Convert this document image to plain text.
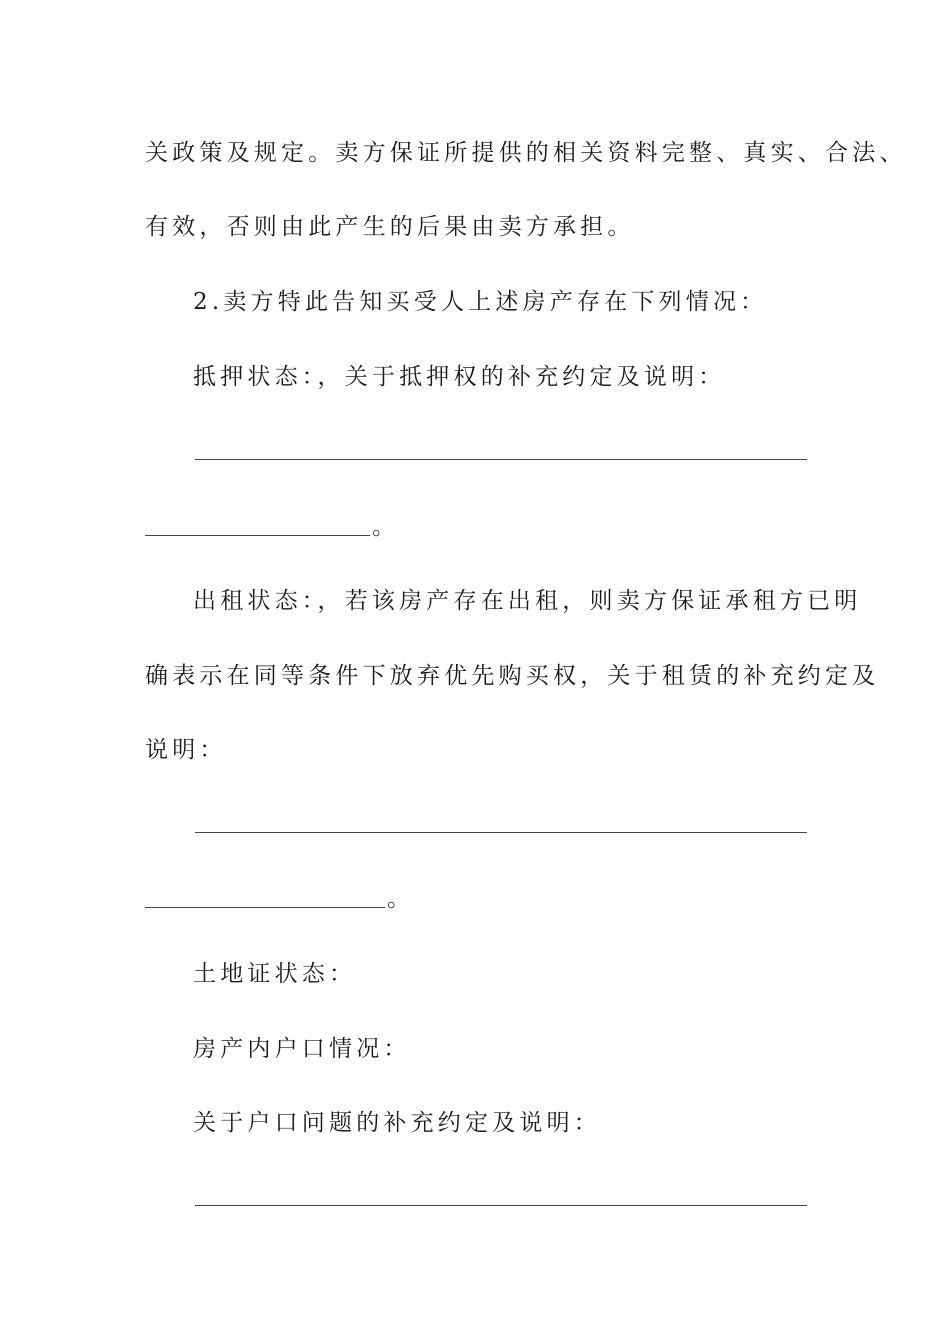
关政策及规定。卖方保证所提供的相关资料完整、真实、合法、
有效，否则由此产生的后果由卖方承担。
2.卖方特此告知买受人上述房产存在下列情况：
抵押状态：，关于抵押权的补充约定及说明：
。
出租状态：，若该房产存在出租，则卖方保证承租方已明
确表示在同等条件下放弃优先购买权，关于租赁的补充约定及
说明：
。
土地证状态：
房产内户口情况：
关于户口问题的补充约定及说明：
